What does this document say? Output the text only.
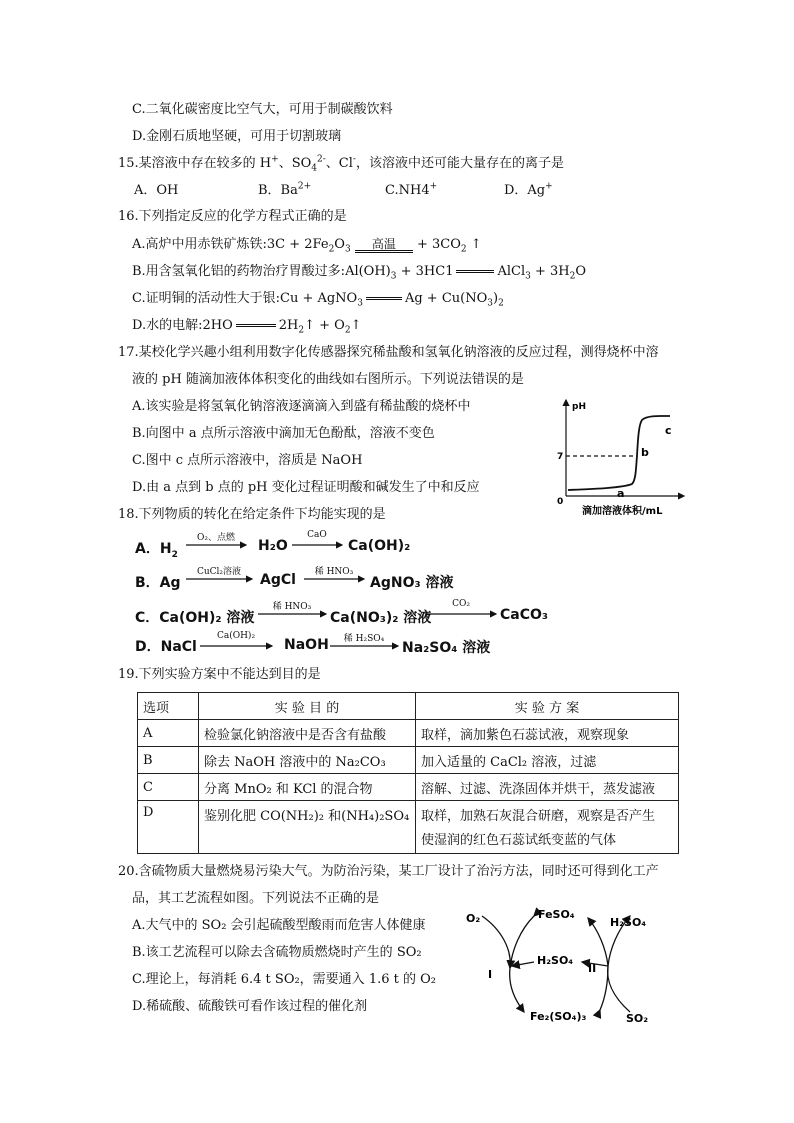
C.二氧化碳密度比空气大，可用于制碳酸饮料
D.金刚石质地坚硬，可用于切割玻璃
15.某溶液中存在较多的 H+、$SO_4^{2-}$、Cl-，该溶液中还可能大量存在的离子是
A．OH	B．$Ba^{2+}$	C.NH4+	D．Ag+
16.下列指定反应的化学方程式正确的是
A.高炉中用赤铁矿炼铁:3C + $2Fe_2O_3$ 高温 + $3CO_2$ ↑
B.用含氢氧化铝的药物治疗胃酸过多$:Al(OH)_3 + 3HC1$	AlCl$_3$ + $3H_2O$
C.证明铜的活动性大于银:Cu + AgNO$_3$	$Ag + Cu(NO_3)_2$
D.水的电解:2HO	$2H_2↑$ + $O_2↑$
17.某校化学兴趣小组利用数字化传感器探究稀盐酸和氢氧化钠溶液的反应过程，测得烧杯中溶
液的 pH 随滴加液体体积变化的曲线如右图所示。下列说法错误的是
A.该实验是将氢氧化钠溶液逐滴滴入到盛有稀盐酸的烧杯中
B.向图中 a 点所示溶液中滴加无色酚酞，溶液不变色
C.图中 c 点所示溶液中，溶质是 NaOH
D.由 a 点到 b 点的 pH 变化过程证明酸和碱发生了中和反应
pH
7
0
a
b
c
滴加溶液体积/mL
18.下列物质的转化在给定条件下均能实现的是
A．$H_2$
O₂、点燃	H₂O
CaO
Ca(OH)₂
B．Ag
CuCl₂溶液	AgCl	稀 HNO₃
AgNO₃ 溶液
C．Ca(OH)₂ 溶液
稀 HNO₃
Ca(NO₃)₂ 溶液
CO₂
CaCO₃
D．NaCl
Ca(OH)₂
NaOH	稀 H₂SO₄
Na₂SO₄ 溶液
19.下列实验方案中不能达到目的是
选项	实 验 目 的	实 验 方 案
A	检验氯化钠溶液中是否含有盐酸	取样，滴加紫色石蕊试液，观察现象
B	除去 NaOH 溶液中的 Na₂CO₃	加入适量的 CaCl₂ 溶液，过滤
C	分离 MnO₂ 和 KCl 的混合物	溶解、过滤、洗涤固体并烘干，蒸发滤液
D	鉴别化肥 CO(NH₂)₂ 和(NH₄)₂SO₄	取样，加熟石灰混合研磨，观察是否产生
使湿润的红色石蕊试纸变蓝的气体
20.含硫物质大量燃烧易污染大气。为防治污染，某工厂设计了治污方法，同时还可得到化工产
品，其工艺流程如图。下列说法不正确的是
A.大气中的 SO₂ 会引起硫酸型酸雨而危害人体健康
B.该工艺流程可以除去含硫物质燃烧时产生的 SO₂
C.理论上，每消耗 6.4 t SO₂，需要通入 1.6 t 的 O₂
D.稀硫酸、硫酸铁可看作该过程的催化剂
O₂	FeSO₄
H₂SO₄
H₂SO₄
I	II
Fe₂(SO₄)₃	SO₂
